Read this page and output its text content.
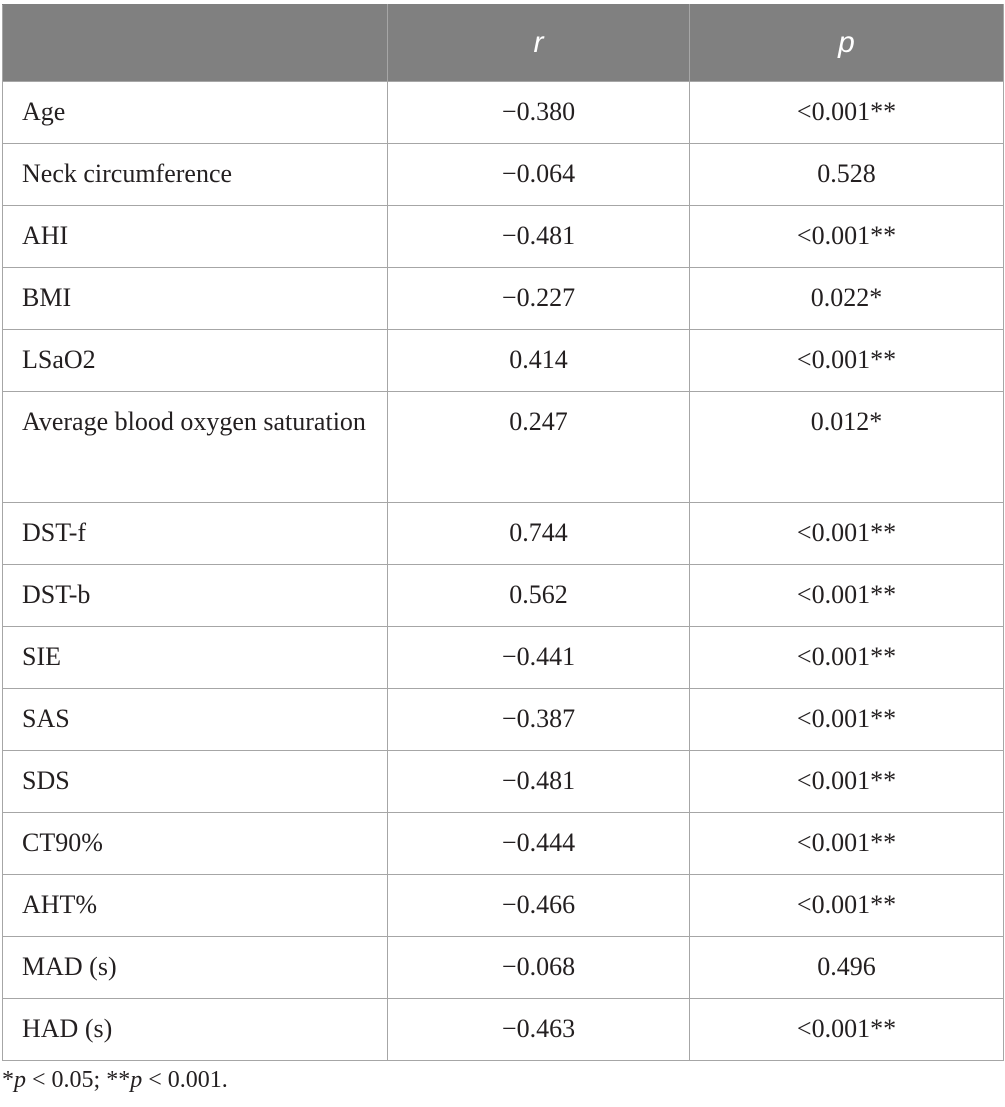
	r	p
Age	−0.380	<0.001**
Neck circumference	−0.064	0.528
AHI	−0.481	<0.001**
BMI	−0.227	0.022*
LSaO2	0.414	<0.001**
Average blood oxygen saturation	0.247	0.012*
DST-f	0.744	<0.001**
DST-b	0.562	<0.001**
SIE	−0.441	<0.001**
SAS	−0.387	<0.001**
SDS	−0.481	<0.001**
CT90%	−0.444	<0.001**
AHT%	−0.466	<0.001**
MAD (s)	−0.068	0.496
HAD (s)	−0.463	<0.001**
*p < 0.05; **p < 0.001.
